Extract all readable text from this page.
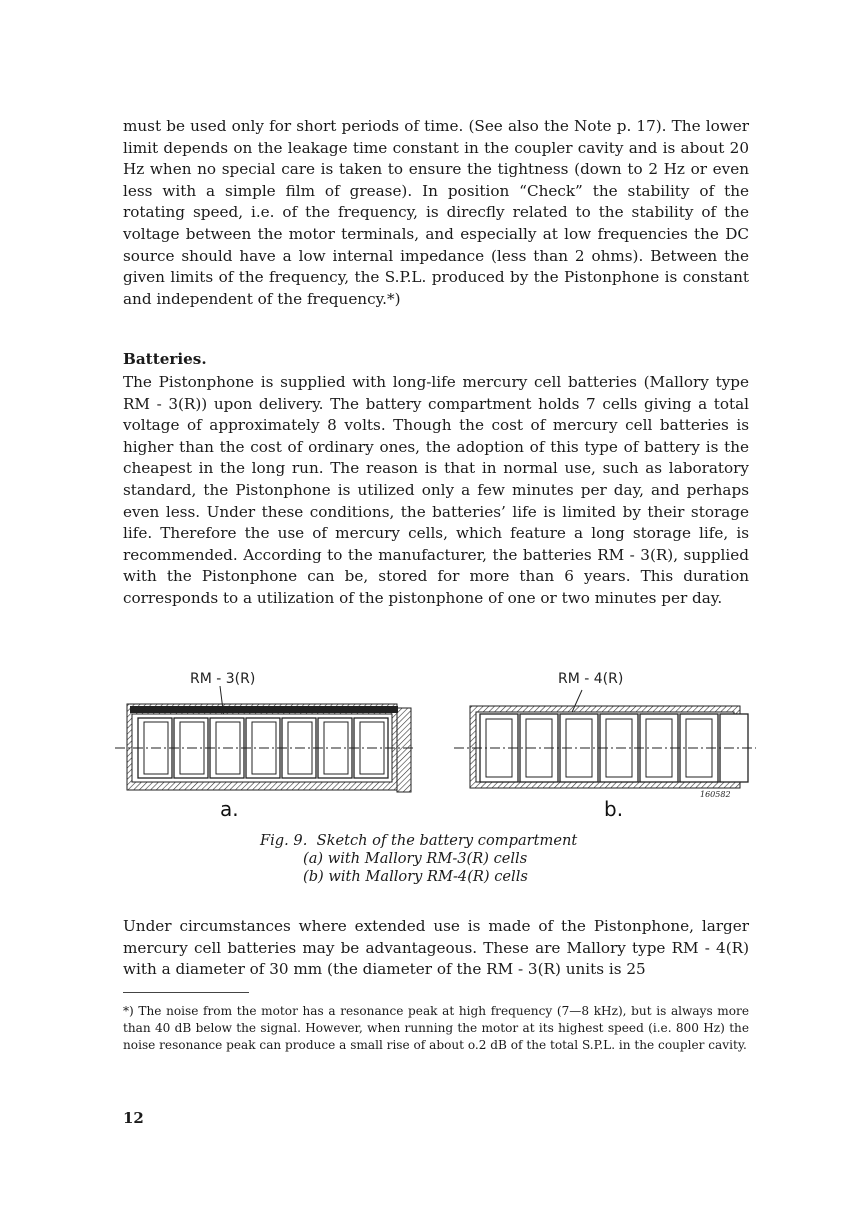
must be used only for short periods of time. (See also the Note p. 17). The lower limit depends on the leakage time constant in the coupler cavity and is about 20 Hz when no special care is taken to ensure the tightness (down to 2 Hz or even less with a simple film of grease). In position “Check” the stability of the rotating speed, i.e. of the frequency, is direcfly related to the stability of the voltage between the motor terminals, and especially at low frequencies the DC source should have a low internal impedance (less than 2 ohms). Between the given limits of the frequency, the S.P.L. produced by the Pistonphone is constant and independent of the frequency.*)

Batteries.

The Pistonphone is supplied with long-life mercury cell batteries (Mallory type RM - 3(R)) upon delivery. The battery compartment holds 7 cells giving a total voltage of approximately 8 volts. Though the cost of mercury cell batteries is higher than the cost of ordinary ones, the adoption of this type of battery is the cheapest in the long run. The reason is that in normal use, such as laboratory standard, the Pistonphone is utilized only a few minutes per day, and perhaps even less. Under these conditions, the batteries’ life is limited by their storage life. Therefore the use of mercury cells, which feature a long storage life, is recommended. According to the manufacturer, the batteries RM - 3(R), supplied with the Pistonphone can be, stored for more than 6 years. This duration corresponds to a utilization of the pistonphone of one or two minutes per day.

RM - 3(R)
a.
RM - 4(R)
b.
160582
Fig. 9.  Sketch of the battery compartment
(a) with Mallory RM-3(R) cells
(b) with Mallory RM-4(R) cells

Under circumstances where extended use is made of the Pistonphone, larger mercury cell batteries may be advantageous. These are Mallory type RM - 4(R) with a diameter of 30 mm (the diameter of the RM - 3(R) units is 25

*) The noise from the motor has a resonance peak at high frequency (7—8 kHz), but is always more than 40 dB below the signal. However, when running the motor at its highest speed (i.e. 800 Hz) the noise resonance peak can produce a small rise of about o.2 dB of the total S.P.L. in the coupler cavity.

12
